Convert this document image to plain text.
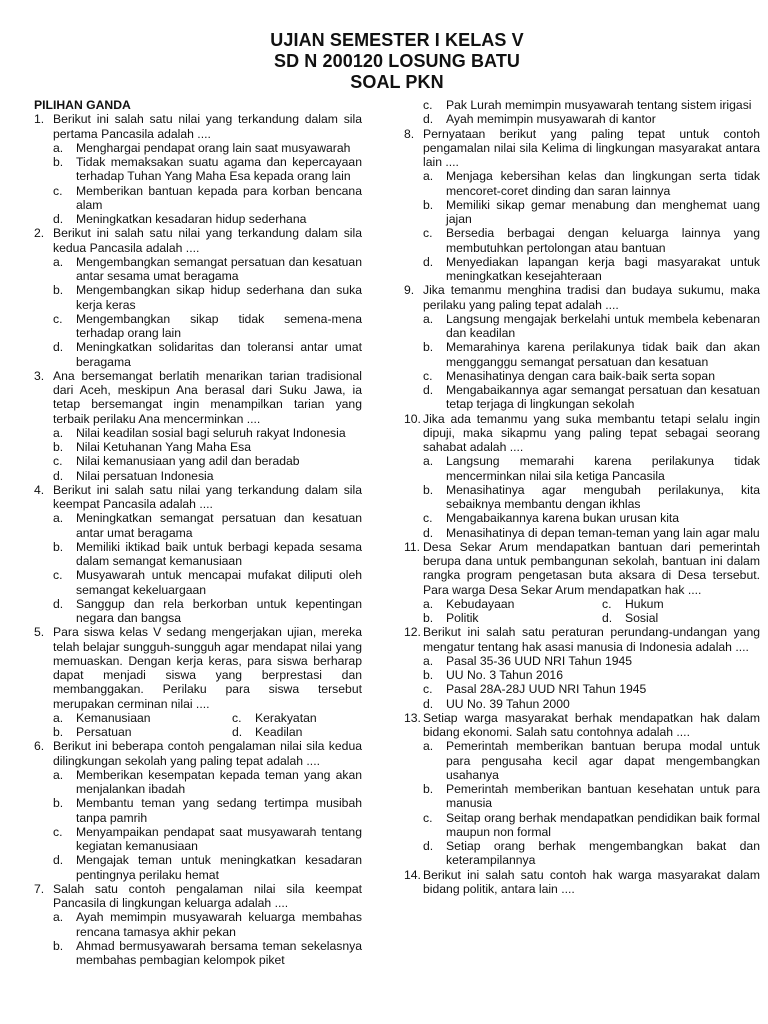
UJIAN SEMESTER I KELAS V
SD N 200120 LOSUNG BATU
SOAL PKN
PILIHAN GANDA
1. Berikut ini salah satu nilai yang terkandung dalam sila pertama Pancasila adalah ....
a. Menghargai pendapat orang lain saat musyawarah
b. Tidak memaksakan suatu agama dan kepercayaan terhadap Tuhan Yang Maha Esa kepada orang lain
c. Memberikan bantuan kepada para korban bencana alam
d. Meningkatkan kesadaran hidup sederhana
2. Berikut ini salah satu nilai yang terkandung dalam sila kedua Pancasila adalah ....
a. Mengembangkan semangat persatuan dan kesatuan antar sesama umat beragama
b. Mengembangkan sikap hidup sederhana dan suka kerja keras
c. Mengembangkan sikap tidak semena-mena terhadap orang lain
d. Meningkatkan solidaritas dan toleransi antar umat beragama
3. Ana bersemangat berlatih menarikan tarian tradisional dari Aceh, meskipun Ana berasal dari Suku Jawa, ia tetap bersemangat ingin menampilkan tarian yang terbaik perilaku Ana mencerminkan ....
a. Nilai keadilan sosial bagi seluruh rakyat Indonesia
b. Nilai Ketuhanan Yang Maha Esa
c. Nilai kemanusiaan yang adil dan beradab
d. Nilai persatuan Indonesia
4. Berikut ini salah satu nilai yang terkandung dalam sila keempat Pancasila adalah ....
a. Meningkatkan semangat persatuan dan kesatuan antar umat beragama
b. Memiliki iktikad baik untuk berbagi kepada sesama dalam semangat kemanusiaan
c. Musyawarah untuk mencapai mufakat diliputi oleh semangat kekeluargaan
d. Sanggup dan rela berkorban untuk kepentingan negara dan bangsa
5. Para siswa kelas V sedang mengerjakan ujian, mereka telah belajar sungguh-sungguh agar mendapat nilai yang memuaskan. Dengan kerja keras, para siswa berharap dapat menjadi siswa yang berprestasi dan membanggakan. Perilaku para siswa tersebut merupakan cerminan nilai ....
a. Kemanusiaan	c. Kerakyatan
b. Persatuan	d. Keadilan
6. Berikut ini beberapa contoh pengalaman nilai sila kedua dilingkungan sekolah yang paling tepat adalah ....
a. Memberikan kesempatan kepada teman yang akan menjalankan ibadah
b. Membantu teman yang sedang tertimpa musibah tanpa pamrih
c. Menyampaikan pendapat saat musyawarah tentang kegiatan kemanusiaan
d. Mengajak teman untuk meningkatkan kesadaran pentingnya perilaku hemat
7. Salah satu contoh pengalaman nilai sila keempat Pancasila di lingkungan keluarga adalah ....
a. Ayah memimpin musyawarah keluarga membahas rencana tamasya akhir pekan
b. Ahmad bermusyawarah bersama teman sekelasnya membahas pembagian kelompok piket
c. Pak Lurah memimpin musyawarah tentang sistem irigasi
d. Ayah memimpin musyawarah di kantor
8. Pernyataan berikut yang paling tepat untuk contoh pengamalan nilai sila Kelima di lingkungan masyarakat antara lain ....
a. Menjaga kebersihan kelas dan lingkungan serta tidak mencoret-coret dinding dan saran lainnya
b. Memiliki sikap gemar menabung dan menghemat uang jajan
c. Bersedia berbagai dengan keluarga lainnya yang membutuhkan pertolongan atau bantuan
d. Menyediakan lapangan kerja bagi masyarakat untuk meningkatkan kesejahteraan
9. Jika temanmu menghina tradisi dan budaya sukumu, maka perilaku yang paling tepat adalah ....
a. Langsung mengajak berkelahi untuk membela kebenaran dan keadilan
b. Memarahinya karena perilakunya tidak baik dan akan mengganggu semangat persatuan dan kesatuan
c. Menasihatinya dengan cara baik-baik serta sopan
d. Mengabaikannya agar semangat persatuan dan kesatuan tetap terjaga di lingkungan sekolah
10. Jika ada temanmu yang suka membantu tetapi selalu ingin dipuji, maka sikapmu yang paling tepat sebagai seorang sahabat adalah ....
a. Langsung memarahi karena perilakunya tidak mencerminkan nilai sila ketiga Pancasila
b. Menasihatinya agar mengubah perilakunya, kita sebaiknya membantu dengan ikhlas
c. Mengabaikannya karena bukan urusan kita
d. Menasihatinya di depan teman-teman yang lain agar malu
11. Desa Sekar Arum mendapatkan bantuan dari pemerintah berupa dana untuk pembangunan sekolah, bantuan ini dalam rangka program pengetasan buta aksara di Desa tersebut. Para warga Desa Sekar Arum mendapatkan hak ....
a. Kebudayaan	c. Hukum
b. Politik	d. Sosial
12. Berikut ini salah satu peraturan perundang-undangan yang mengatur tentang hak asasi manusia di Indonesia adalah ....
a. Pasal 35-36 UUD NRI Tahun 1945
b. UU No. 3 Tahun 2016
c. Pasal 28A-28J UUD NRI Tahun 1945
d. UU No. 39 Tahun 2000
13. Setiap warga masyarakat berhak mendapatkan hak dalam bidang ekonomi. Salah satu contohnya adalah ....
a. Pemerintah memberikan bantuan berupa modal untuk para pengusaha kecil agar dapat mengembangkan usahanya
b. Pemerintah memberikan bantuan kesehatan untuk para manusia
c. Seitap orang berhak mendapatkan pendidikan baik formal maupun non formal
d. Setiap orang berhak mengembangkan bakat dan keterampilannya
14. Berikut ini salah satu contoh hak warga masyarakat dalam bidang politik, antara lain ....
